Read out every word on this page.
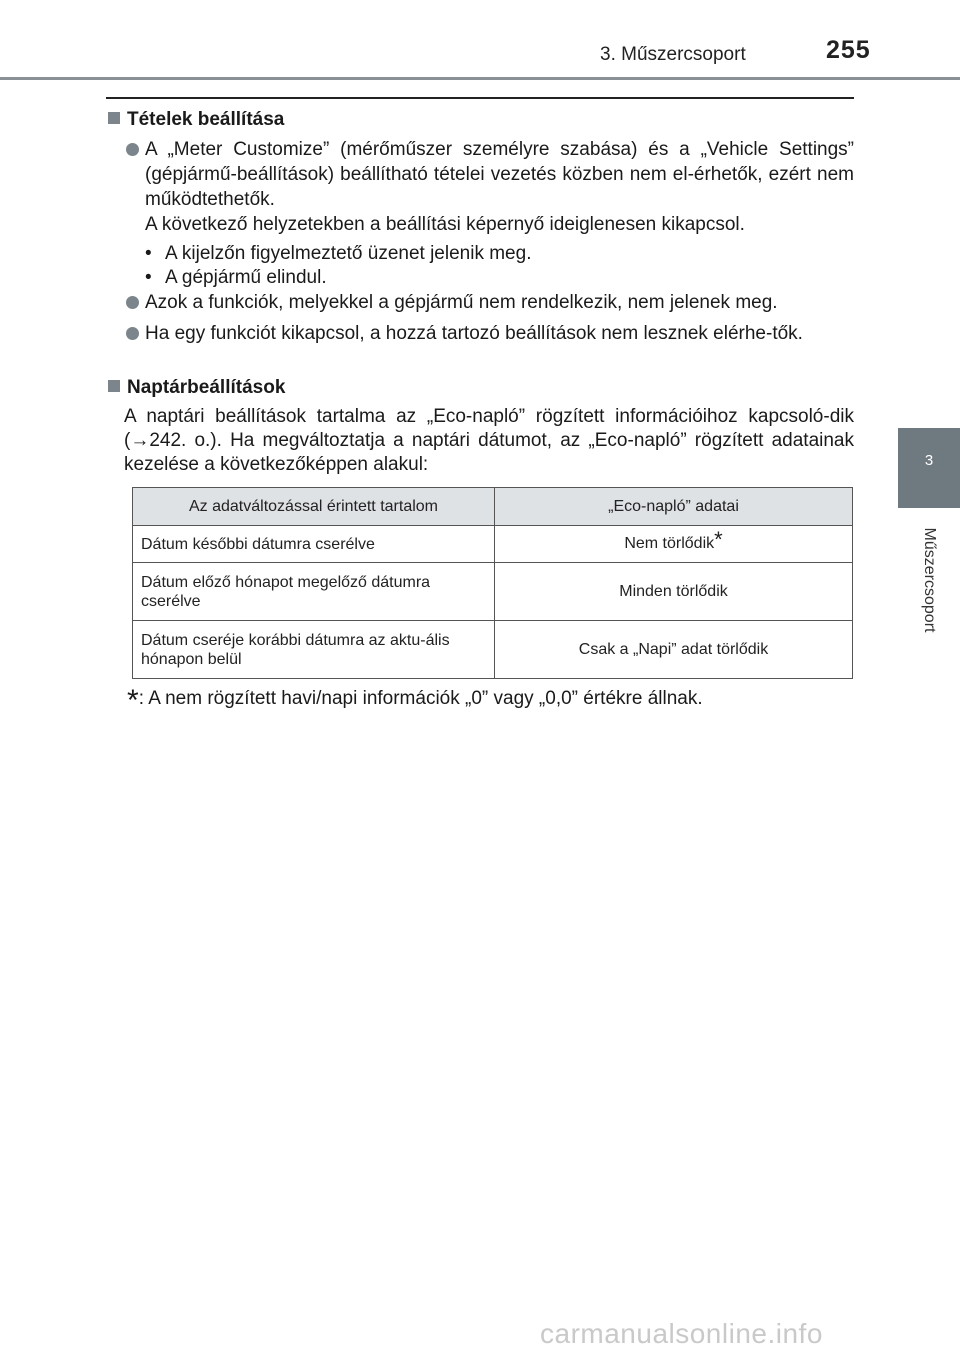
3. Műszercsoport	255
3
Műszercsoport
Tételek beállítása
A „Meter Customize” (mérőműszer személyre szabása) és a „Vehicle Settings” (gépjármű-beállítások) beállítható tételei vezetés közben nem el-érhetők, ezért nem működtethetők.
A következő helyzetekben a beállítási képernyő ideiglenesen kikapcsol.
• A kijelzőn figyelmeztető üzenet jelenik meg.
• A gépjármű elindul.
Azok a funkciók, melyekkel a gépjármű nem rendelkezik, nem jelenek meg.
Ha egy funkciót kikapcsol, a hozzá tartozó beállítások nem lesznek elérhe-tők.
Naptárbeállítások
A naptári beállítások tartalma az „Eco-napló” rögzített információihoz kapcsoló-dik (→242. o.). Ha megváltoztatja a naptári dátumot, az „Eco-napló” rögzített adatainak kezelése a következőképpen alakul:
Az adatváltozással érintett tartalom	„Eco-napló” adatai
Dátum későbbi dátumra cserélve	Nem törlődik*
Dátum előző hónapot megelőző dátumra cserélve	Minden törlődik
Dátum cseréje korábbi dátumra az aktu-ális hónapon belül	Csak a „Napi” adat törlődik
*: A nem rögzített havi/napi információk „0” vagy „0,0” értékre állnak.
carmanualsonline.info
